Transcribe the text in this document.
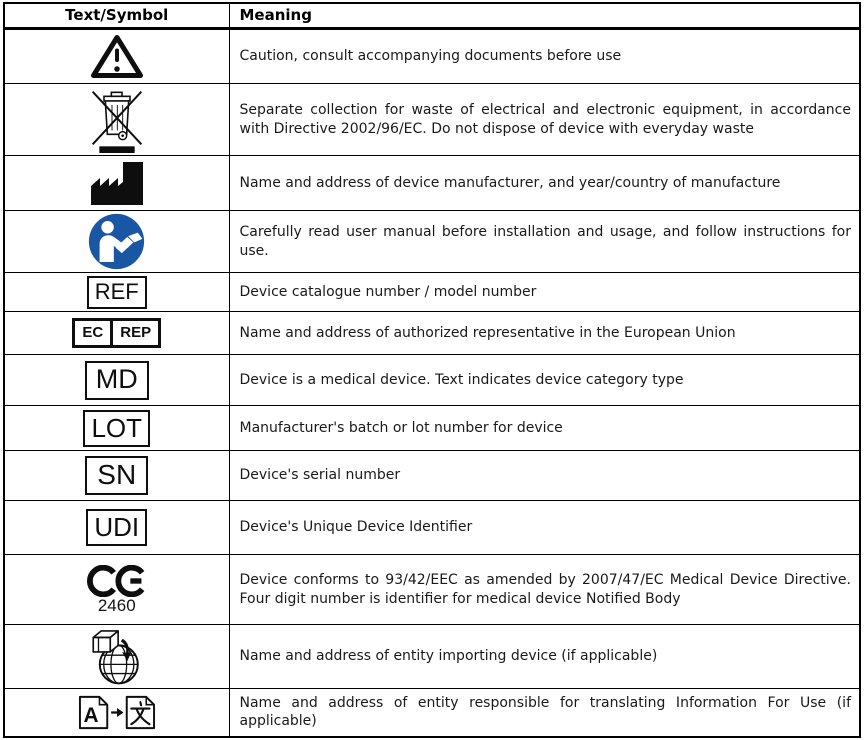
Text/Symbol	Meaning
	Caution, consult accompanying documents before use
	Separate collection for waste of electrical and electronic equipment, in accordance with Directive 2002/96/EC. Do not dispose of device with everyday waste
	Name and address of device manufacturer, and year/country of manufacture
	Carefully read user manual before installation and usage, and follow instructions for use.
REF	Device catalogue number / model number

EC REP	Name and address of authorized representative in the European Union
MD	Device is a medical device. Text indicates device category type
LOT	Manufacturer's batch or lot number for device
SN	Device's serial number
UDI	Device's Unique Device Identifier

2460	Device conforms to 93/42/EEC as amended by 2007/47/EC Medical Device Directive. Four digit number is identifier for medical device Notified Body
	Name and address of entity importing device (if applicable)

A	Name and address of entity responsible for translating Information For Use (if applicable)
